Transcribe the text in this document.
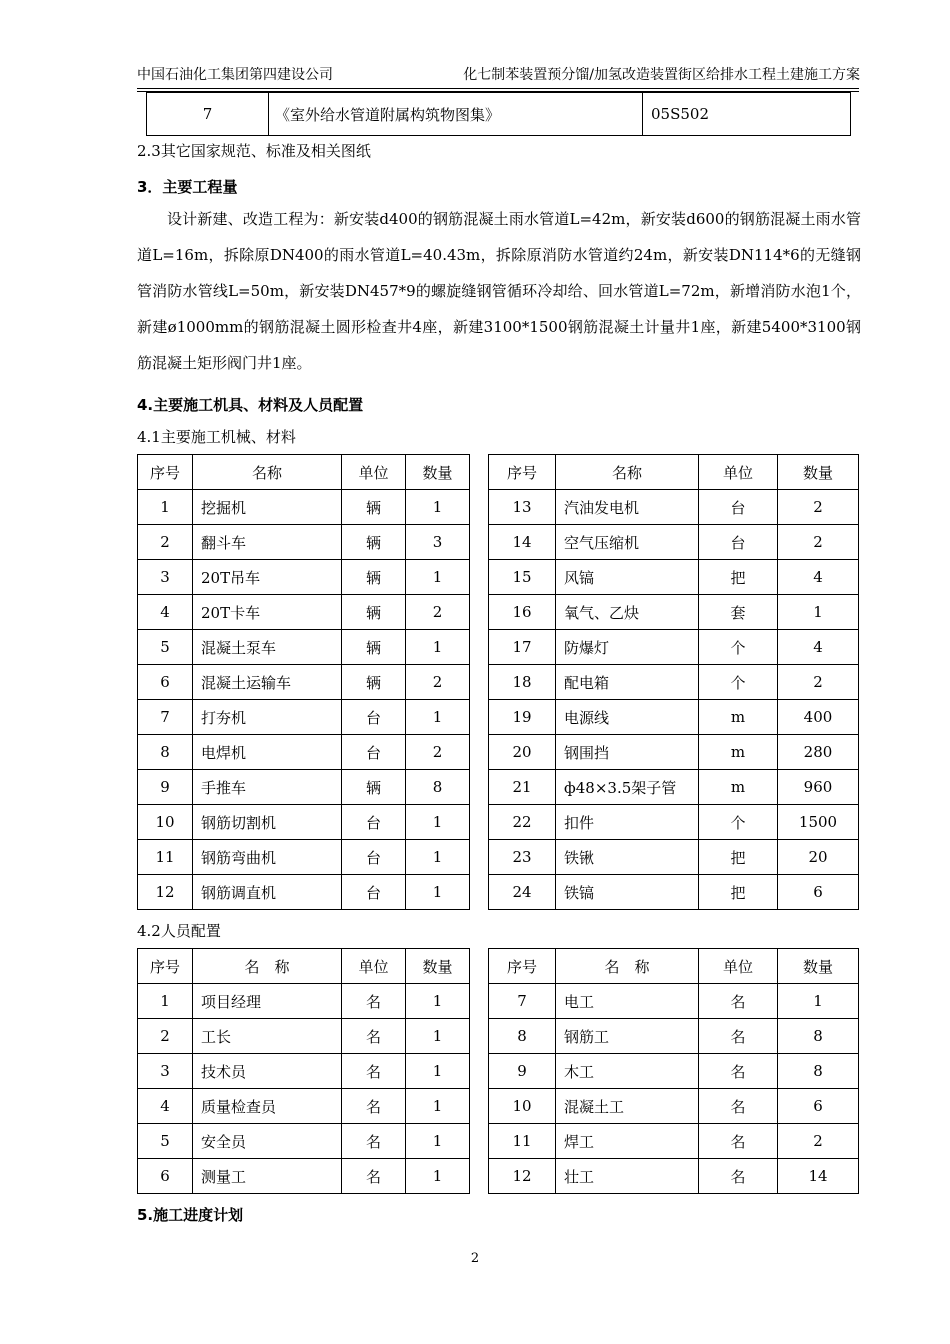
中国石油化工集团第四建设公司	化七制苯装置预分馏/加氢改造装置街区给排水工程土建施工方案
7	《室外给水管道附属构筑物图集》	05S502
2.3其它国家规范、标准及相关图纸
3．主要工程量
设计新建、改造工程为：新安装d400的钢筋混凝土雨水管道L=42m，新安装d600的钢筋混凝土雨水管道L=16m，拆除原DN400的雨水管道L=40.43m，拆除原消防水管道约24m，新安装DN114*6的无缝钢管消防水管线L=50m，新安装DN457*9的螺旋缝钢管循环冷却给、回水管道L=72m，新增消防水泡1个，新建ø1000mm的钢筋混凝土圆形检查井4座，新建3100*1500钢筋混凝土计量井1座，新建5400*3100钢筋混凝土矩形阀门井1座。
4.主要施工机具、材料及人员配置
4.1主要施工机械、材料
序号	名称	单位	数量		序号	名称	单位	数量
1	挖掘机	辆	1		13	汽油发电机	台	2
2	翻斗车	辆	3		14	空气压缩机	台	2
3	20T吊车	辆	1		15	风镐	把	4
4	20T卡车	辆	2		16	氧气、乙炔	套	1
5	混凝土泵车	辆	1		17	防爆灯	个	4
6	混凝土运输车	辆	2		18	配电箱	个	2
7	打夯机	台	1		19	电源线	m	400
8	电焊机	台	2		20	钢围挡	m	280
9	手推车	辆	8		21	ф48×3.5架子管	m	960
10	钢筋切割机	台	1		22	扣件	个	1500
11	钢筋弯曲机	台	1		23	铁锹	把	20
12	钢筋调直机	台	1		24	铁镐	把	6
4.2人员配置
序号	名　称	单位	数量		序号	名　称	单位	数量
1	项目经理	名	1		7	电工	名	1
2	工长	名	1		8	钢筋工	名	8
3	技术员	名	1		9	木工	名	8
4	质量检查员	名	1		10	混凝土工	名	6
5	安全员	名	1		11	焊工	名	2
6	测量工	名	1		12	壮工	名	14
5.施工进度计划
2
